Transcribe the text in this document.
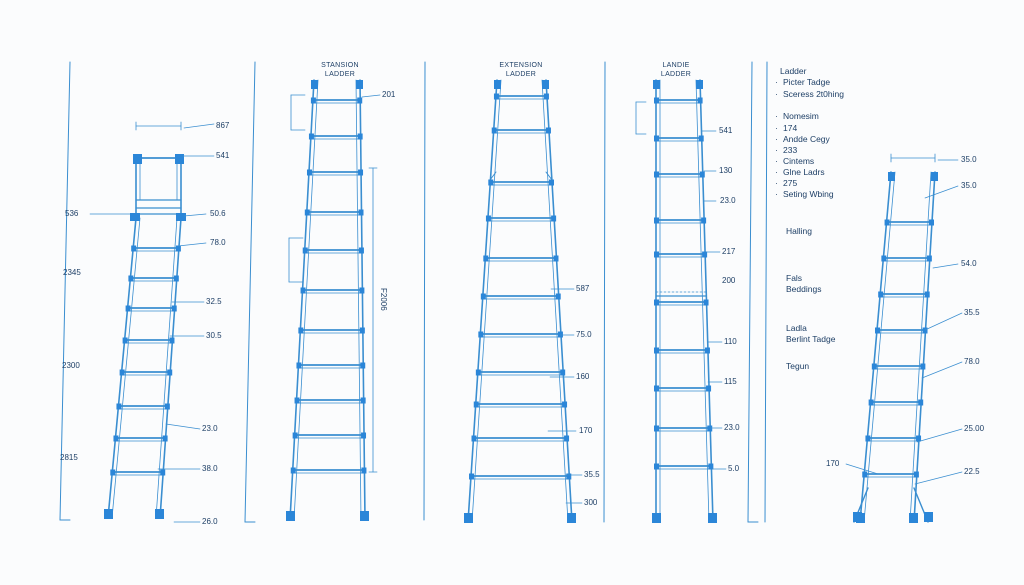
STANSION
LADDER
EXTENSION
LADDER
LANDIE
LADDER
867
541
536	50.6
78.0
2345
32.5
30.5
2300
23.0
2815
38.0
26.0
201
F2006	587
75.0
160
170
35.5
300
541
130
23.0
217
200
110
115
23.0
5.0
35.0
35.0
54.0
35.5
78.0
25.00
170
22.5
Ladder
· Picter Tadge
· Sceress 2t0hing
· Nomesim
· 174
· Andde Cegy
· 233
· Cintems
· Glne Ladrs
· 275
· Seting Wbing
Halling
Fals
Beddings
Ladla
Berlint Tadge
Tegun
